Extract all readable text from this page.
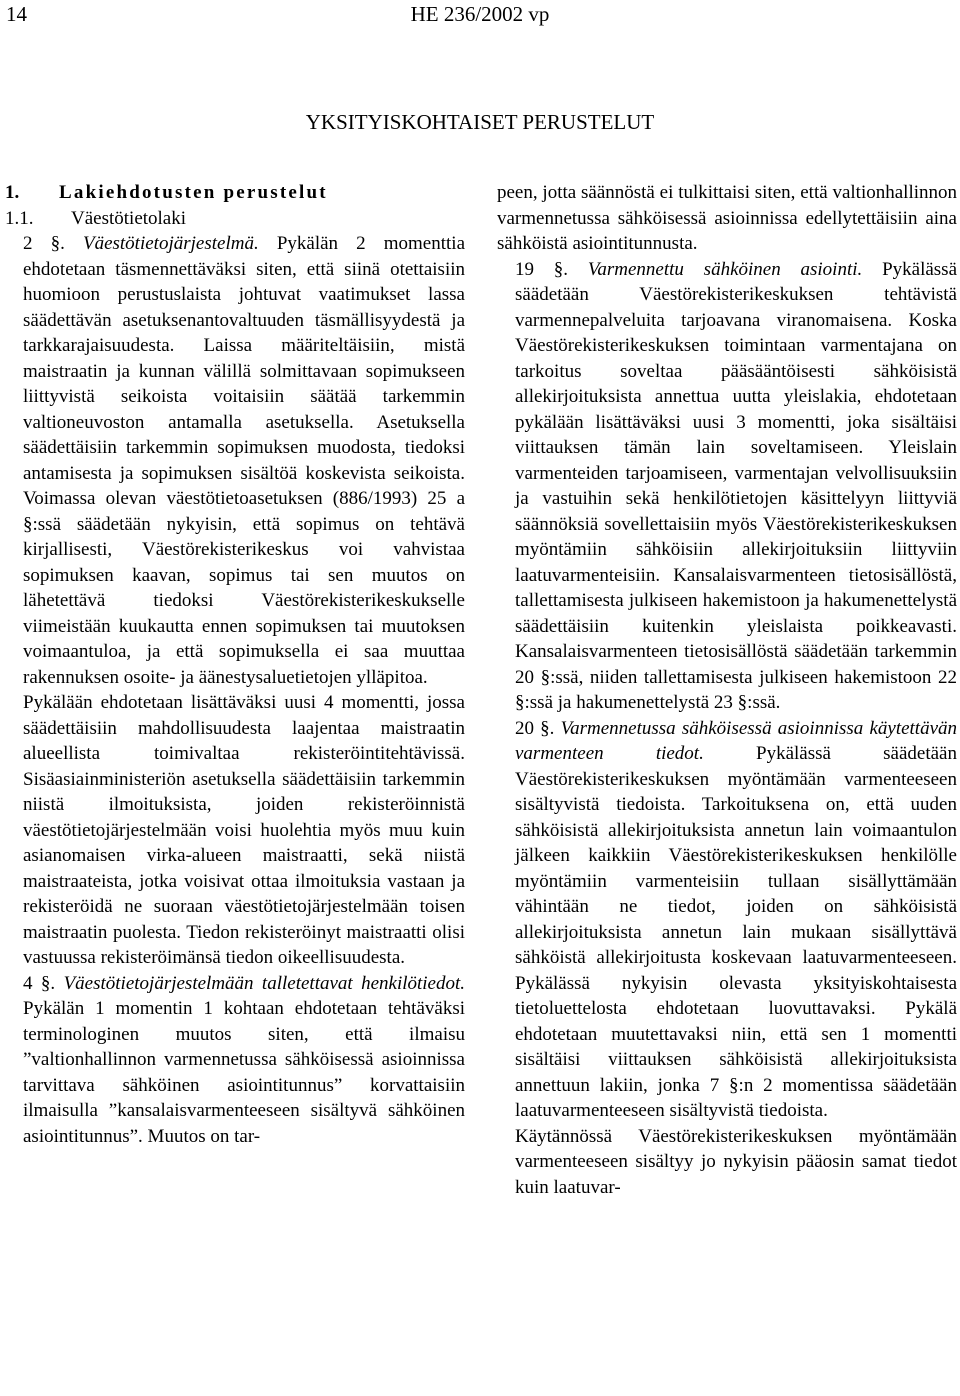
14	HE 236/2002 vp
YKSITYISKOHTAISET PERUSTELUT

1. Lakiehdotusten perustelut

1.1. Väestötietolaki

2 §. Väestötietojärjestelmä. Pykälän 2 momenttia ehdotetaan täsmennettäväksi siten, että siinä otettaisiin huomioon perustuslaista johtuvat vaatimukset lassa säädettävän asetuksenantovaltuuden täsmällisyydestä ja tarkkarajaisuudesta. Laissa määriteltäisiin, mistä maistraatin ja kunnan välillä solmittavaan sopimukseen liittyvistä seikoista voitaisiin säätää tarkemmin valtioneuvoston antamalla asetuksella. Asetuksella säädettäisiin tarkemmin sopimuksen muodosta, tiedoksi antamisesta ja sopimuksen sisältöä koskevista seikoista. Voimassa olevan väestötietoasetuksen (886/1993) 25 a §:ssä säädetään nykyisin, että sopimus on tehtävä kirjallisesti, Väestörekisterikeskus voi vahvistaa sopimuksen kaavan, sopimus tai sen muutos on lähetettävä tiedoksi Väestörekisterikeskukselle viimeistään kuukautta ennen sopimuksen tai muutoksen voimaantuloa, ja että sopimuksella ei saa muuttaa rakennuksen osoite- ja äänestysaluetietojen ylläpitoa.

Pykälään ehdotetaan lisättäväksi uusi 4 momentti, jossa säädettäisiin mahdollisuudesta laajentaa maistraatin alueellista toimivaltaa rekisteröintitehtävissä. Sisäasiainministeriön asetuksella säädettäisiin tarkemmin niistä ilmoituksista, joiden rekisteröinnistä väestötietojärjestelmään voisi huolehtia myös muu kuin asianomaisen virka-alueen maistraatti, sekä niistä maistraateista, jotka voisivat ottaa ilmoituksia vastaan ja rekisteröidä ne suoraan väestötietojärjestelmään toisen maistraatin puolesta. Tiedon rekisteröinyt maistraatti olisi vastuussa rekisteröimänsä tiedon oikeellisuudesta.

4 §. Väestötietojärjestelmään talletettavat henkilötiedot. Pykälän 1 momentin 1 kohtaan ehdotetaan tehtäväksi terminologinen muutos siten, että ilmaisu ”valtionhallinnon varmennetussa sähköisessä asioinnissa tarvittava sähköinen asiointitunnus” korvattaisiin ilmaisulla ”kansalaisvarmenteeseen sisältyvä sähköinen asiointitunnus”. Muutos on tar-

peen, jotta säännöstä ei tulkittaisi siten, että valtionhallinnon varmennetussa sähköisessä asioinnissa edellytettäisiin aina sähköistä asiointitunnusta.

19 §. Varmennettu sähköinen asiointi. Pykälässä säädetään Väestörekisterikeskuksen tehtävistä varmennepalveluita tarjoavana viranomaisena. Koska Väestörekisterikeskuksen toimintaan varmentajana on tarkoitus soveltaa pääsääntöisesti sähköisistä allekirjoituksista annettua uutta yleislakia, ehdotetaan pykälään lisättäväksi uusi 3 momentti, joka sisältäisi viittauksen tämän lain soveltamiseen. Yleislain varmenteiden tarjoamiseen, varmentajan velvollisuuksiin ja vastuihin sekä henkilötietojen käsittelyyn liittyviä säännöksiä sovellettaisiin myös Väestörekisterikeskuksen myöntämiin sähköisiin allekirjoituksiin liittyviin laatuvarmenteisiin. Kansalaisvarmenteen tietosisällöstä, tallettamisesta julkiseen hakemistoon ja hakumenettelystä säädettäisiin kuitenkin yleislaista poikkeavasti. Kansalaisvarmenteen tietosisällöstä säädetään tarkemmin 20 §:ssä, niiden tallettamisesta julkiseen hakemistoon 22 §:ssä ja hakumenettelystä 23 §:ssä.

20 §. Varmennetussa sähköisessä asioinnissa käytettävän varmenteen tiedot.	Pykälässä säädetään Väestörekisterikeskuksen myöntämään varmenteeseen sisältyvistä tiedoista. Tarkoituksena on, että uuden sähköisistä allekirjoituksista annetun lain voimaantulon jälkeen kaikkiin Väestörekisterikeskuksen henkilölle myöntämiin varmenteisiin tullaan sisällyttämään vähintään ne tiedot, joiden on sähköisistä allekirjoituksista annetun lain mukaan sisällyttävä sähköistä allekirjoitusta koskevaan laatuvarmenteeseen. Pykälässä nykyisin olevasta yksityiskohtaisesta tietoluettelosta ehdotetaan luovuttavaksi. Pykälä ehdotetaan muutettavaksi niin, että sen 1 momentti sisältäisi viittauksen sähköisistä allekirjoituksista annettuun lakiin, jonka 7 §:n 2 momentissa säädetään laatuvarmenteeseen sisältyvistä tiedoista.

Käytännössä Väestörekisterikeskuksen myöntämään varmenteeseen sisältyy jo nykyisin pääosin samat tiedot kuin laatuvar-
